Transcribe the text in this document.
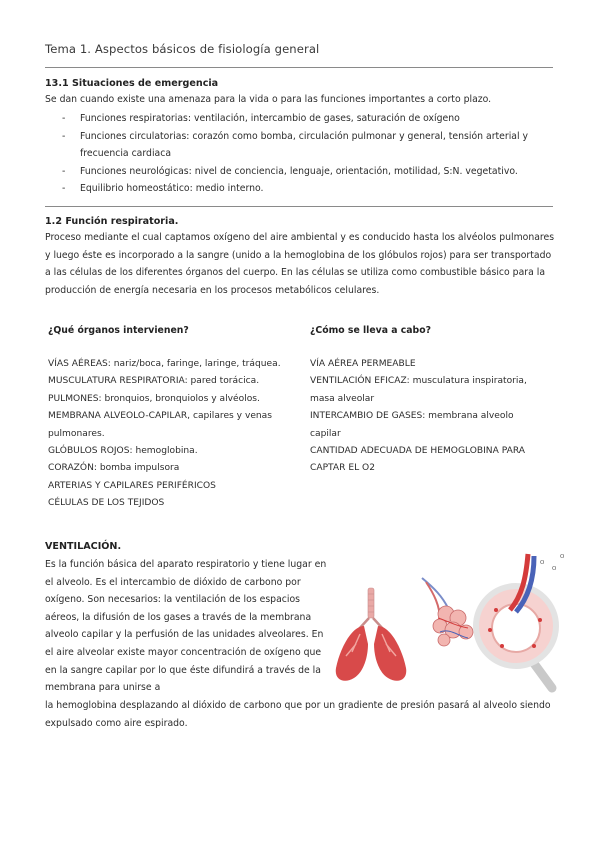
Tema 1. Aspectos básicos de fisiología general
13.1 Situaciones de emergencia

Se dan cuando existe una amenaza para la vida o para las funciones importantes a corto plazo.

- Funciones respiratorias: ventilación, intercambio de gases, saturación de oxígeno
- Funciones circulatorias: corazón como bomba, circulación pulmonar y general, tensión arterial y frecuencia cardiaca
- Funciones neurológicas: nivel de conciencia, lenguaje, orientación, motilidad, S:N. vegetativo.
- Equilibrio homeostático: medio interno.
1.2 Función respiratoria.

Proceso mediante el cual captamos oxígeno del aire ambiental y es conducido hasta los alvéolos pulmonares y luego éste es incorporado a la sangre (unido a la hemoglobina de los glóbulos rojos) para ser transportado a las células de los diferentes órganos del cuerpo. En las células se utiliza como combustible básico para la producción de energía necesaria en los procesos metabólicos celulares.

¿Qué órganos intervienen?
VÍAS AÉREAS: nariz/boca, faringe, laringe, tráquea.
MUSCULATURA RESPIRATORIA: pared torácica.
PULMONES: bronquios, bronquiolos y alvéolos.
MEMBRANA ALVEOLO-CAPILAR, capilares y venas pulmonares.
GLÓBULOS ROJOS: hemoglobina.
CORAZÓN: bomba impulsora
ARTERIAS Y CAPILARES PERIFÉRICOS
CÉLULAS DE LOS TEJIDOS
¿Cómo se lleva a cabo?
VÍA AÉREA PERMEABLE
VENTILACIÓN EFICAZ: musculatura inspiratoria, masa alveolar
INTERCAMBIO DE GASES: membrana alveolo capilar
CANTIDAD ADECUADA DE HEMOGLOBINA PARA CAPTAR EL O2
VENTILACIÓN.

Es la función básica del aparato respiratorio y tiene lugar en el alveolo. Es el intercambio de dióxido de carbono por oxígeno. Son necesarios: la ventilación de los espacios aéreos, la difusión de los gases a través de la membrana alveolo capilar y la perfusión de las unidades alveolares. En el aire alveolar existe mayor concentración de oxígeno que en la sangre capilar por lo que éste difundirá a través de la membrana para unirse a

la hemoglobina desplazando al dióxido de carbono que por un gradiente de presión pasará al alveolo siendo expulsado como aire espirado.

O
O
O
